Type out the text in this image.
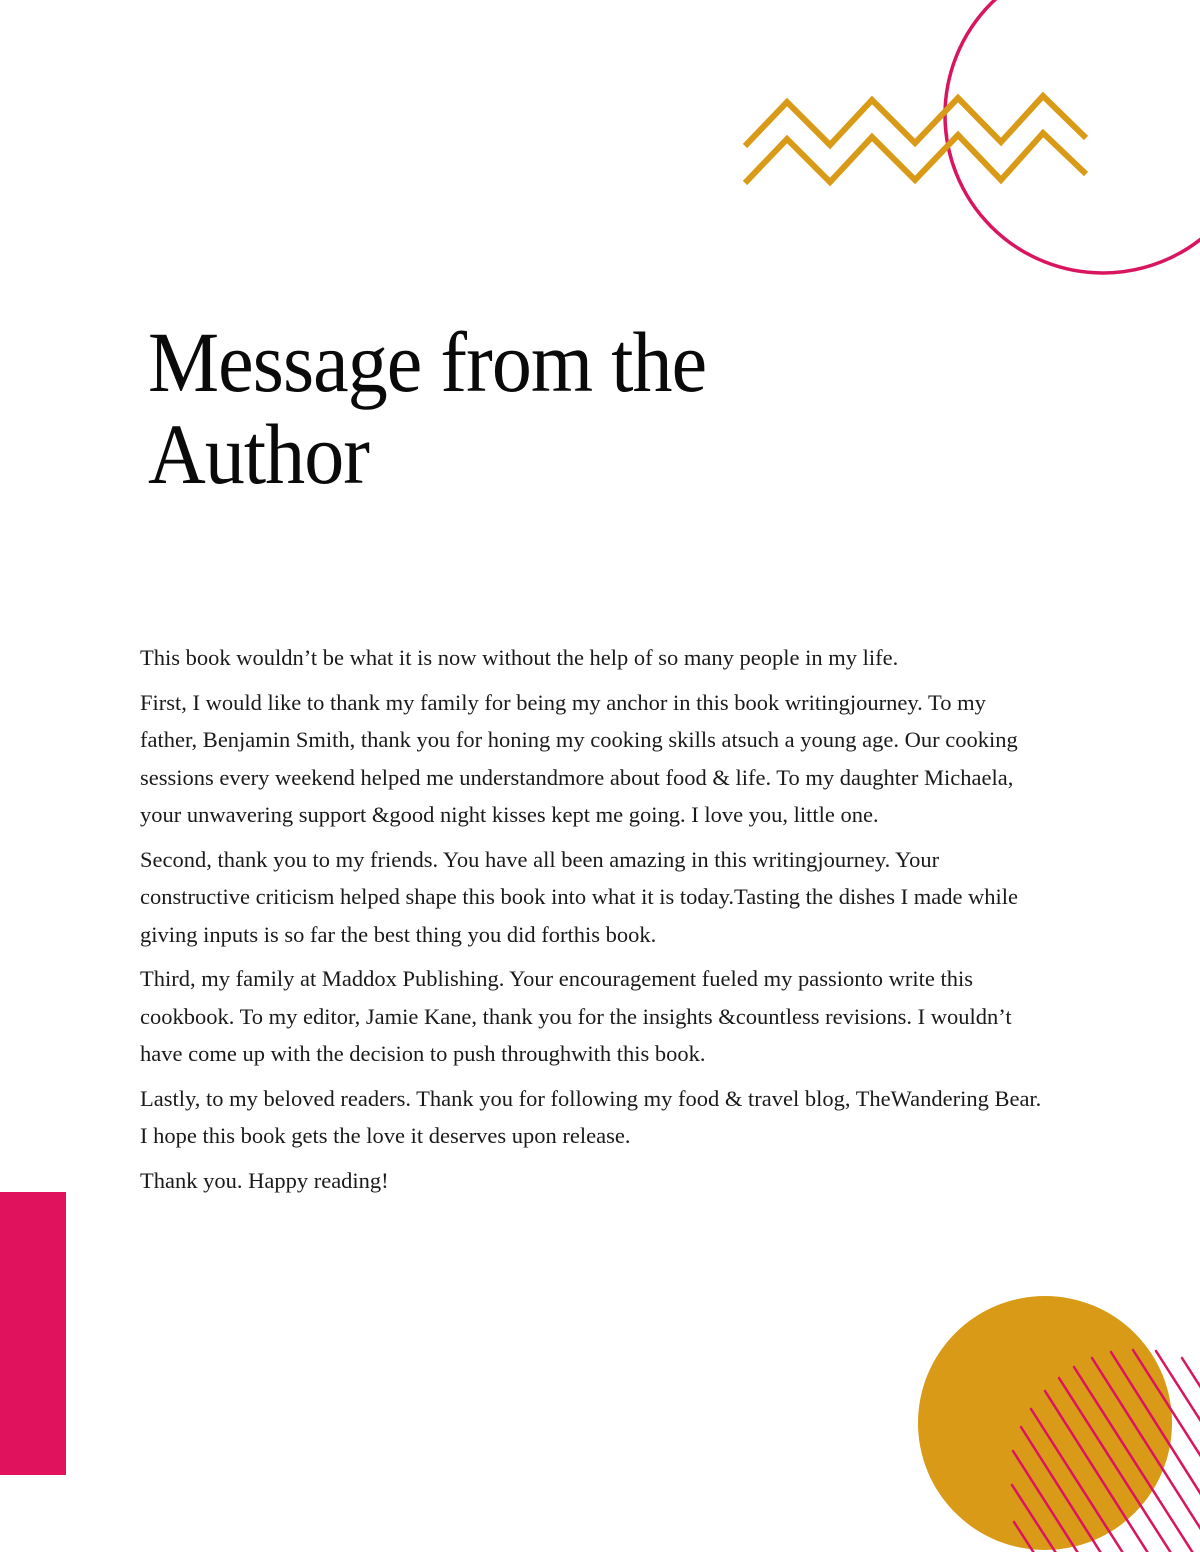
Message from the
Author

This book wouldn’t be what it is now without the help of so many people in my life.

First, I would like to thank my family for being my anchor in this book writingjourney. To my
father, Benjamin Smith, thank you for honing my cooking skills atsuch a young age. Our cooking
sessions every weekend helped me understandmore about food & life. To my daughter Michaela,
your unwavering support &good night kisses kept me going. I love you, little one.

Second, thank you to my friends. You have all been amazing in this writingjourney. Your
constructive criticism helped shape this book into what it is today.Tasting the dishes I made while
giving inputs is so far the best thing you did forthis book.

Third, my family at Maddox Publishing. Your encouragement fueled my passionto write this
cookbook. To my editor, Jamie Kane, thank you for the insights &countless revisions. I wouldn’t
have come up with the decision to push throughwith this book.

Lastly, to my beloved readers. Thank you for following my food & travel blog, TheWandering Bear.
I hope this book gets the love it deserves upon release.

Thank you. Happy reading!
